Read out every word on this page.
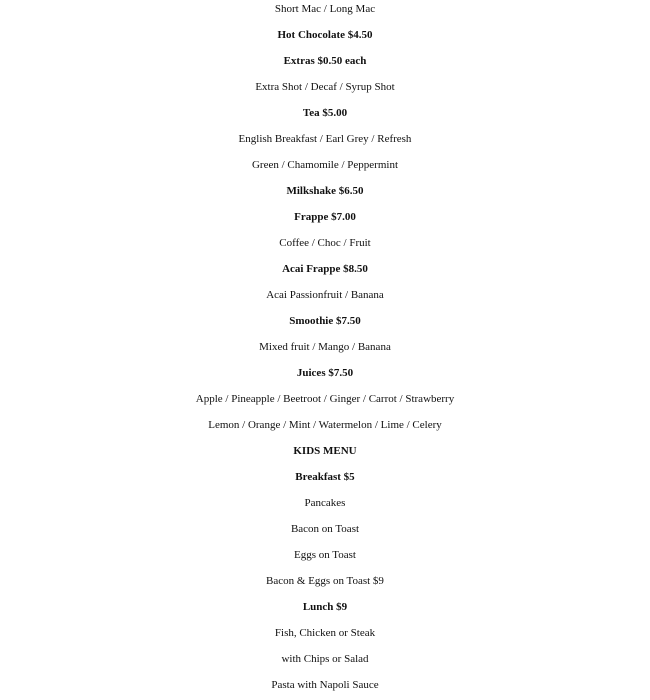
Short Mac / Long Mac
Hot Chocolate $4.50
Extras $0.50 each
Extra Shot / Decaf / Syrup Shot
Tea $5.00
English Breakfast / Earl Grey / Refresh
Green / Chamomile / Peppermint
Milkshake $6.50
Frappe $7.00
Coffee / Choc / Fruit
Acai Frappe $8.50
Acai Passionfruit / Banana
Smoothie $7.50
Mixed fruit / Mango / Banana
Juices $7.50
Apple / Pineapple / Beetroot / Ginger / Carrot / Strawberry
Lemon / Orange / Mint / Watermelon / Lime / Celery
KIDS MENU
Breakfast $5
Pancakes
Bacon on Toast
Eggs on Toast
Bacon & Eggs on Toast $9
Lunch $9
Fish, Chicken or Steak
with Chips or Salad
Pasta with Napoli Sauce
